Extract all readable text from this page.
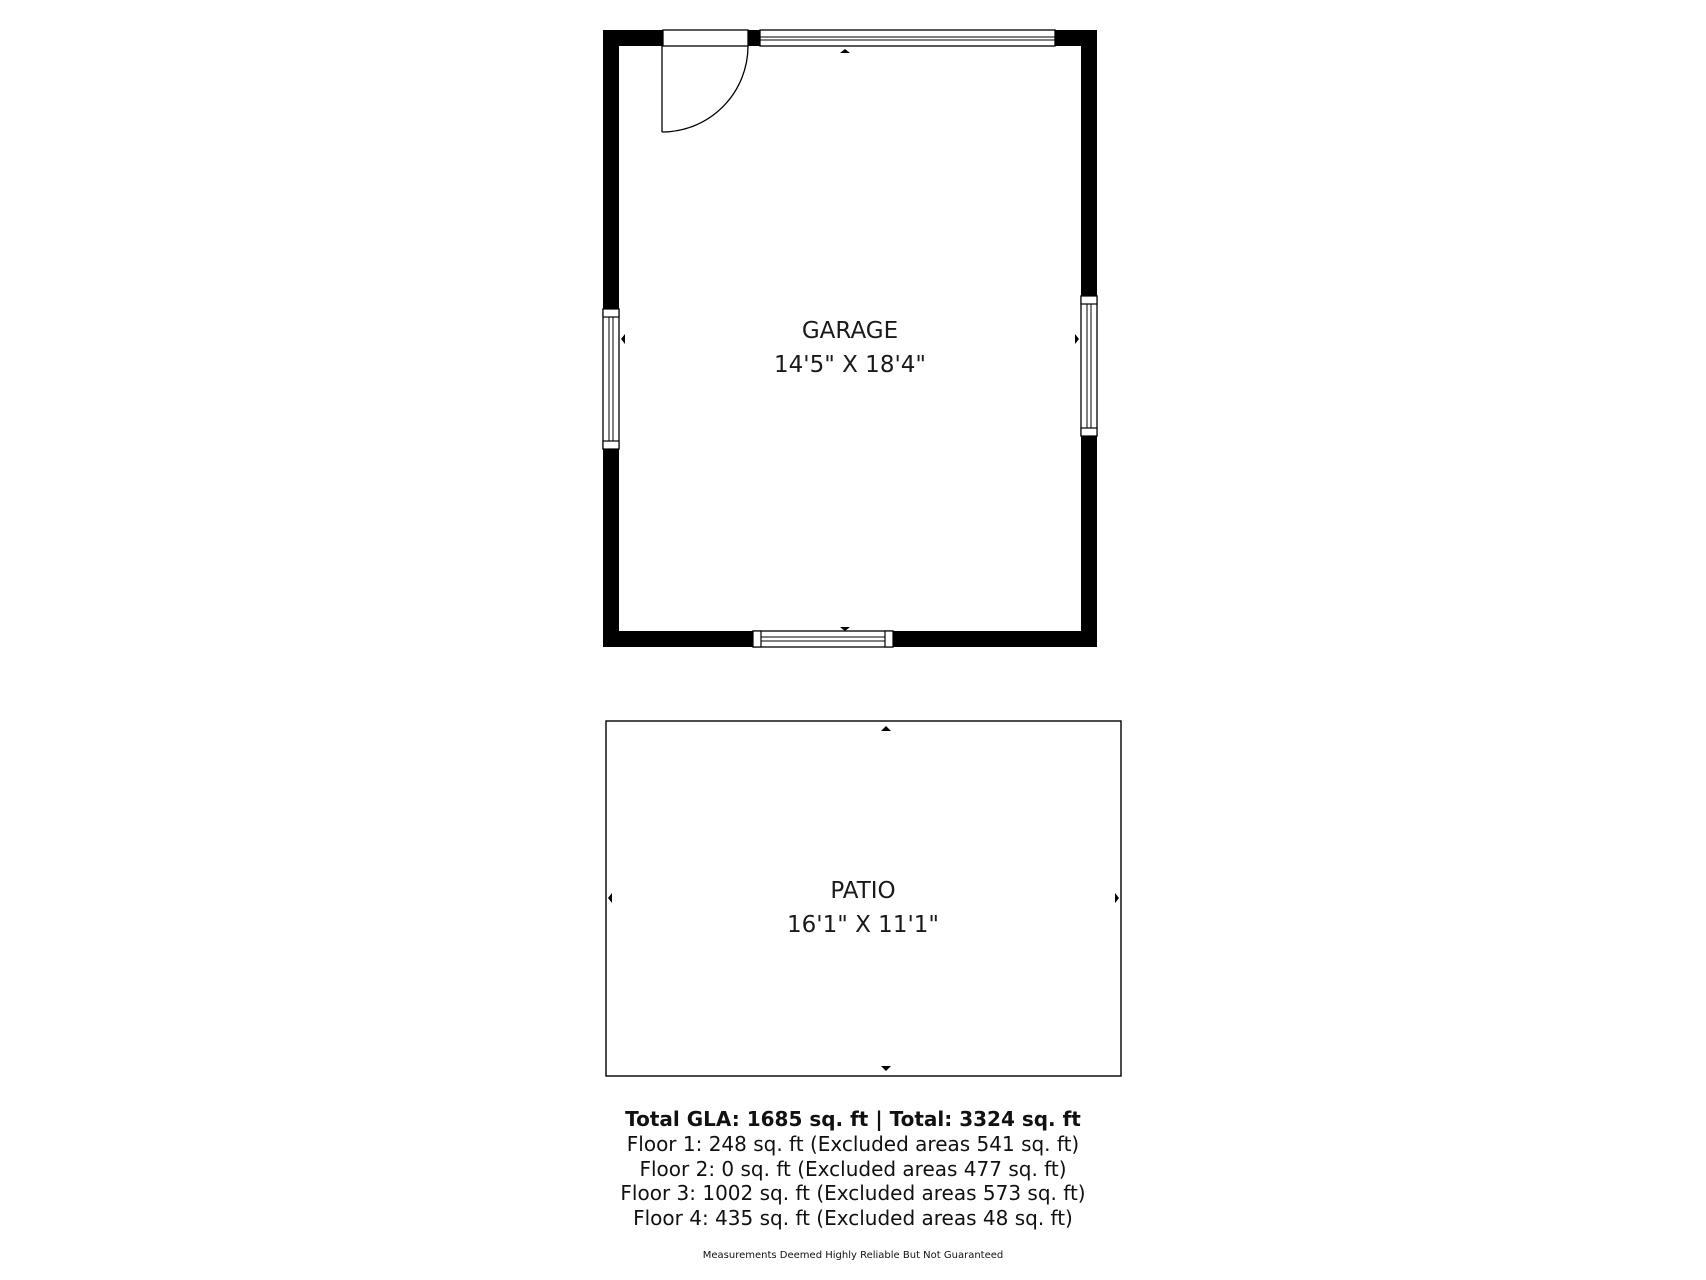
GARAGE
14'5" X 18'4"
PATIO
16'1" X 11'1"
Total GLA: 1685 sq. ft | Total: 3324 sq. ft
Floor 1: 248 sq. ft (Excluded areas 541 sq. ft)
Floor 2: 0 sq. ft (Excluded areas 477 sq. ft)
Floor 3: 1002 sq. ft (Excluded areas 573 sq. ft)
Floor 4: 435 sq. ft (Excluded areas 48 sq. ft)
Measurements Deemed Highly Reliable But Not Guaranteed
